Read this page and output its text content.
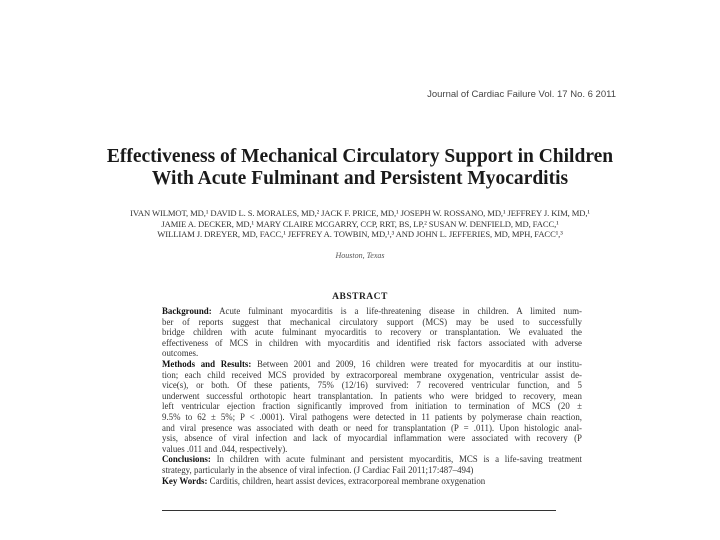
Journal of Cardiac Failure Vol. 17 No. 6 2011
Effectiveness of Mechanical Circulatory Support in Children
With Acute Fulminant and Persistent Myocarditis
IVAN WILMOT, MD,¹ DAVID L. S. MORALES, MD,² JACK F. PRICE, MD,¹ JOSEPH W. ROSSANO, MD,¹ JEFFREY J. KIM, MD,¹
JAMIE A. DECKER, MD,¹ MARY CLAIRE MCGARRY, CCP, RRT, BS, LP,² SUSAN W. DENFIELD, MD, FACC,¹
WILLIAM J. DREYER, MD, FACC,¹ JEFFREY A. TOWBIN, MD,¹,³ AND JOHN L. JEFFERIES, MD, MPH, FACC¹,³
Houston, Texas
ABSTRACT
Background: Acute fulminant myocarditis is a life-threatening disease in children. A limited num-
ber of reports suggest that mechanical circulatory support (MCS) may be used to successfully
bridge children with acute fulminant myocarditis to recovery or transplantation. We evaluated the
effectiveness of MCS in children with myocarditis and identified risk factors associated with adverse
outcomes.
Methods and Results: Between 2001 and 2009, 16 children were treated for myocarditis at our institu-
tion; each child received MCS provided by extracorporeal membrane oxygenation, ventricular assist de-
vice(s), or both. Of these patients, 75% (12/16) survived: 7 recovered ventricular function, and 5
underwent successful orthotopic heart transplantation. In patients who were bridged to recovery, mean
left ventricular ejection fraction significantly improved from initiation to termination of MCS (20 ±
9.5% to 62 ± 5%; P < .0001). Viral pathogens were detected in 11 patients by polymerase chain reaction,
and viral presence was associated with death or need for transplantation (P = .011). Upon histologic anal-
ysis, absence of viral infection and lack of myocardial inflammation were associated with recovery (P
values .011 and .044, respectively).
Conclusions: In children with acute fulminant and persistent myocarditis, MCS is a life-saving treatment
strategy, particularly in the absence of viral infection. (J Cardiac Fail 2011;17:487–494)
Key Words: Carditis, children, heart assist devices, extracorporeal membrane oxygenation
